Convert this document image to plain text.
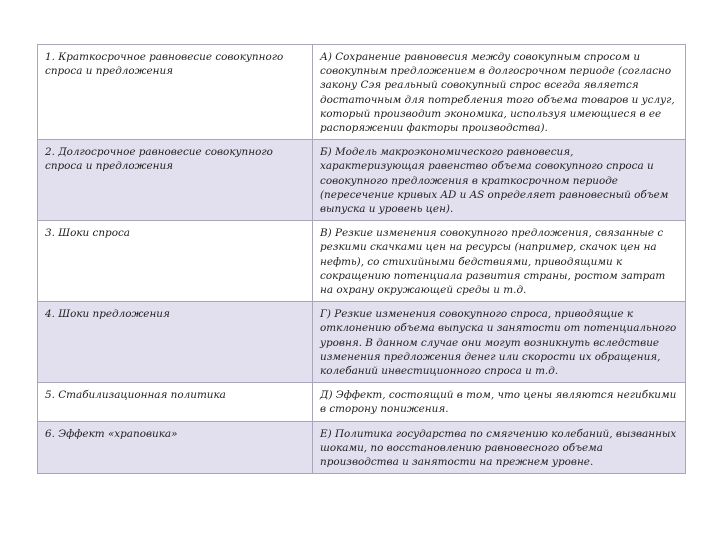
1. Краткосрочное равновесие совокупного спроса и предложения	А) Сохранение равновесия между совокупным спросом и совокупным предложением в долгосрочном периоде (согласно закону Сэя реальный совокупный спрос всегда является достаточным для потребления того объема товаров и услуг, который производит экономика, используя имеющиеся в ее распоряжении факторы производства).
2. Долгосрочное равновесие совокупного спроса и предложения	Б) Модель макроэкономического равновесия, характеризующая равенство объема совокупного спроса и совокупного предложения в краткосрочном периоде (пересечение кривых AD и AS определяет равновесный объем выпуска и уровень цен).
3. Шоки спроса	В) Резкие изменения совокупного предложения, связанные с резкими скачками цен на ресурсы (например, скачок цен на нефть), со стихийными бедствиями, приводящими к сокращению потенциала развития страны, ростом затрат на охрану окружающей среды и т.д.
4. Шоки предложения	Г) Резкие изменения совокупного спроса, приводящие к отклонению объема выпуска и занятости от потенциального уровня. В данном случае они могут возникнуть вследствие изменения предложения денег или скорости их обращения, колебаний инвестиционного спроса и т.д.
5. Стабилизационная политика	Д) Эффект, состоящий в том, что цены являются негибкими в сторону понижения.
6. Эффект «храповика»	Е) Политика государства по смягчению колебаний, вызванных шоками, по восстановлению равновесного объема производства и занятости на прежнем уровне.
